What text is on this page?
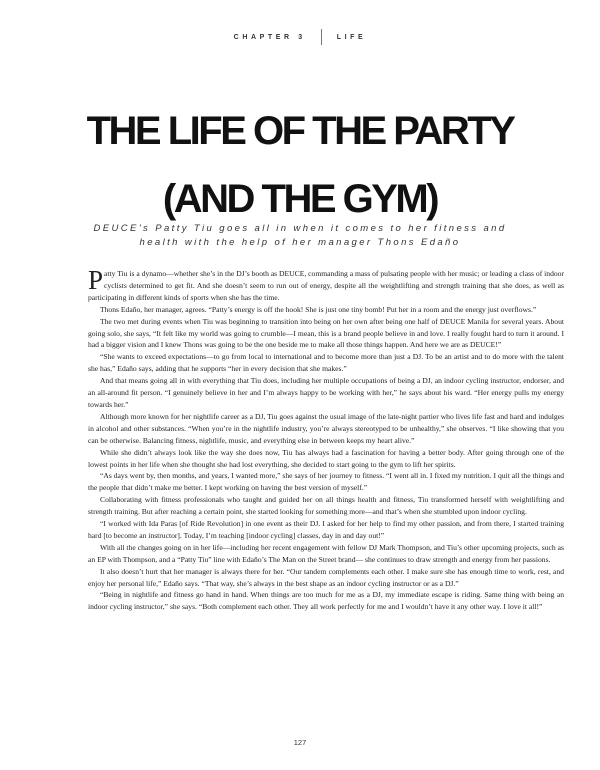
CHAPTER 3	LIFE
THE LIFE OF THE PARTY
(AND THE GYM)
DEUCE’s Patty Tiu goes all in when it comes to her fitness and
health with the help of her manager Thons Edaño

Patty Tiu is a dynamo—whether she’s in the DJ’s booth as DEUCE, commanding a mass of pulsating people with her music; or leading a class of indoor cyclists determined to get fit. And she doesn’t seem to run out of energy, despite all the weightlifting and strength training that she does, as well as participating in different kinds of sports when she has the time.

Thons Edaño, her manager, agrees. “Patty’s energy is off the hook! She is just one tiny bomb! Put her in a room and the energy just overflows.”

The two met during events when Tiu was beginning to transition into being on her own after being one half of DEUCE Manila for several years. About going solo, she says, “It felt like my world was going to crumble—I mean, this is a brand people believe in and love. I really fought hard to turn it around. I had a bigger vision and I knew Thons was going to be the one beside me to make all those things happen. And here we are as DEUCE!”

“She wants to exceed expectations—to go from local to international and to become more than just a DJ. To be an artist and to do more with the talent she has,” Edaño says, adding that he supports “her in every decision that she makes.”

And that means going all in with everything that Tiu does, including her multiple occupations of being a DJ, an indoor cycling instructor, endorser, and an all-around fit person. “I genuinely believe in her and I’m always happy to be working with her,” he says about his ward. “Her energy pulls my energy towards her.”

Although more known for her nightlife career as a DJ, Tiu goes against the usual image of the late-night partier who lives life fast and hard and indulges in alcohol and other substances. “When you’re in the nightlife industry, you’re always stereotyped to be unhealthy,” she observes. “I like showing that you can be otherwise. Balancing fitness, nightlife, music, and everything else in between keeps my heart alive.”

While she didn’t always look like the way she does now, Tiu has always had a fascination for having a better body. After going through one of the lowest points in her life when she thought she had lost everything, she decided to start going to the gym to lift her spirits.

“As days went by, then months, and years, I wanted more,” she says of her journey to fitness. “I went all in. I fixed my nutrition. I quit all the things and the people that didn’t make me better. I kept working on having the best version of myself.”

Collaborating with fitness professionals who taught and guided her on all things health and fitness, Tiu transformed herself with weightlifting and strength training. But after reaching a certain point, she started looking for something more—and that’s when she stumbled upon indoor cycling.

“I worked with Ida Paras [of Ride Revolution] in one event as their DJ. I asked for her help to find my other passion, and from there, I started training hard [to become an instructor]. Today, I’m teaching [indoor cycling] classes, day in and day out!”

With all the changes going on in her life—including her recent engagement with fellow DJ Mark Thompson, and Tiu’s other upcoming projects, such as an EP with Thompson, and a “Patty Tiu” line with Edaño’s The Man on the Street brand— she continues to draw strength and energy from her passions.

It also doesn’t hurt that her manager is always there for her. “Our tandem complements each other. I make sure she has enough time to work, rest, and enjoy her personal life,” Edaño says. “That way, she’s always in the best shape as an indoor cycling instructor or as a DJ.”

“Being in nightlife and fitness go hand in hand. When things are too much for me as a DJ, my immediate escape is riding. Same thing with being an indoor cycling instructor,” she says. “Both complement each other. They all work perfectly for me and I wouldn’t have it any other way. I love it all!”

127
